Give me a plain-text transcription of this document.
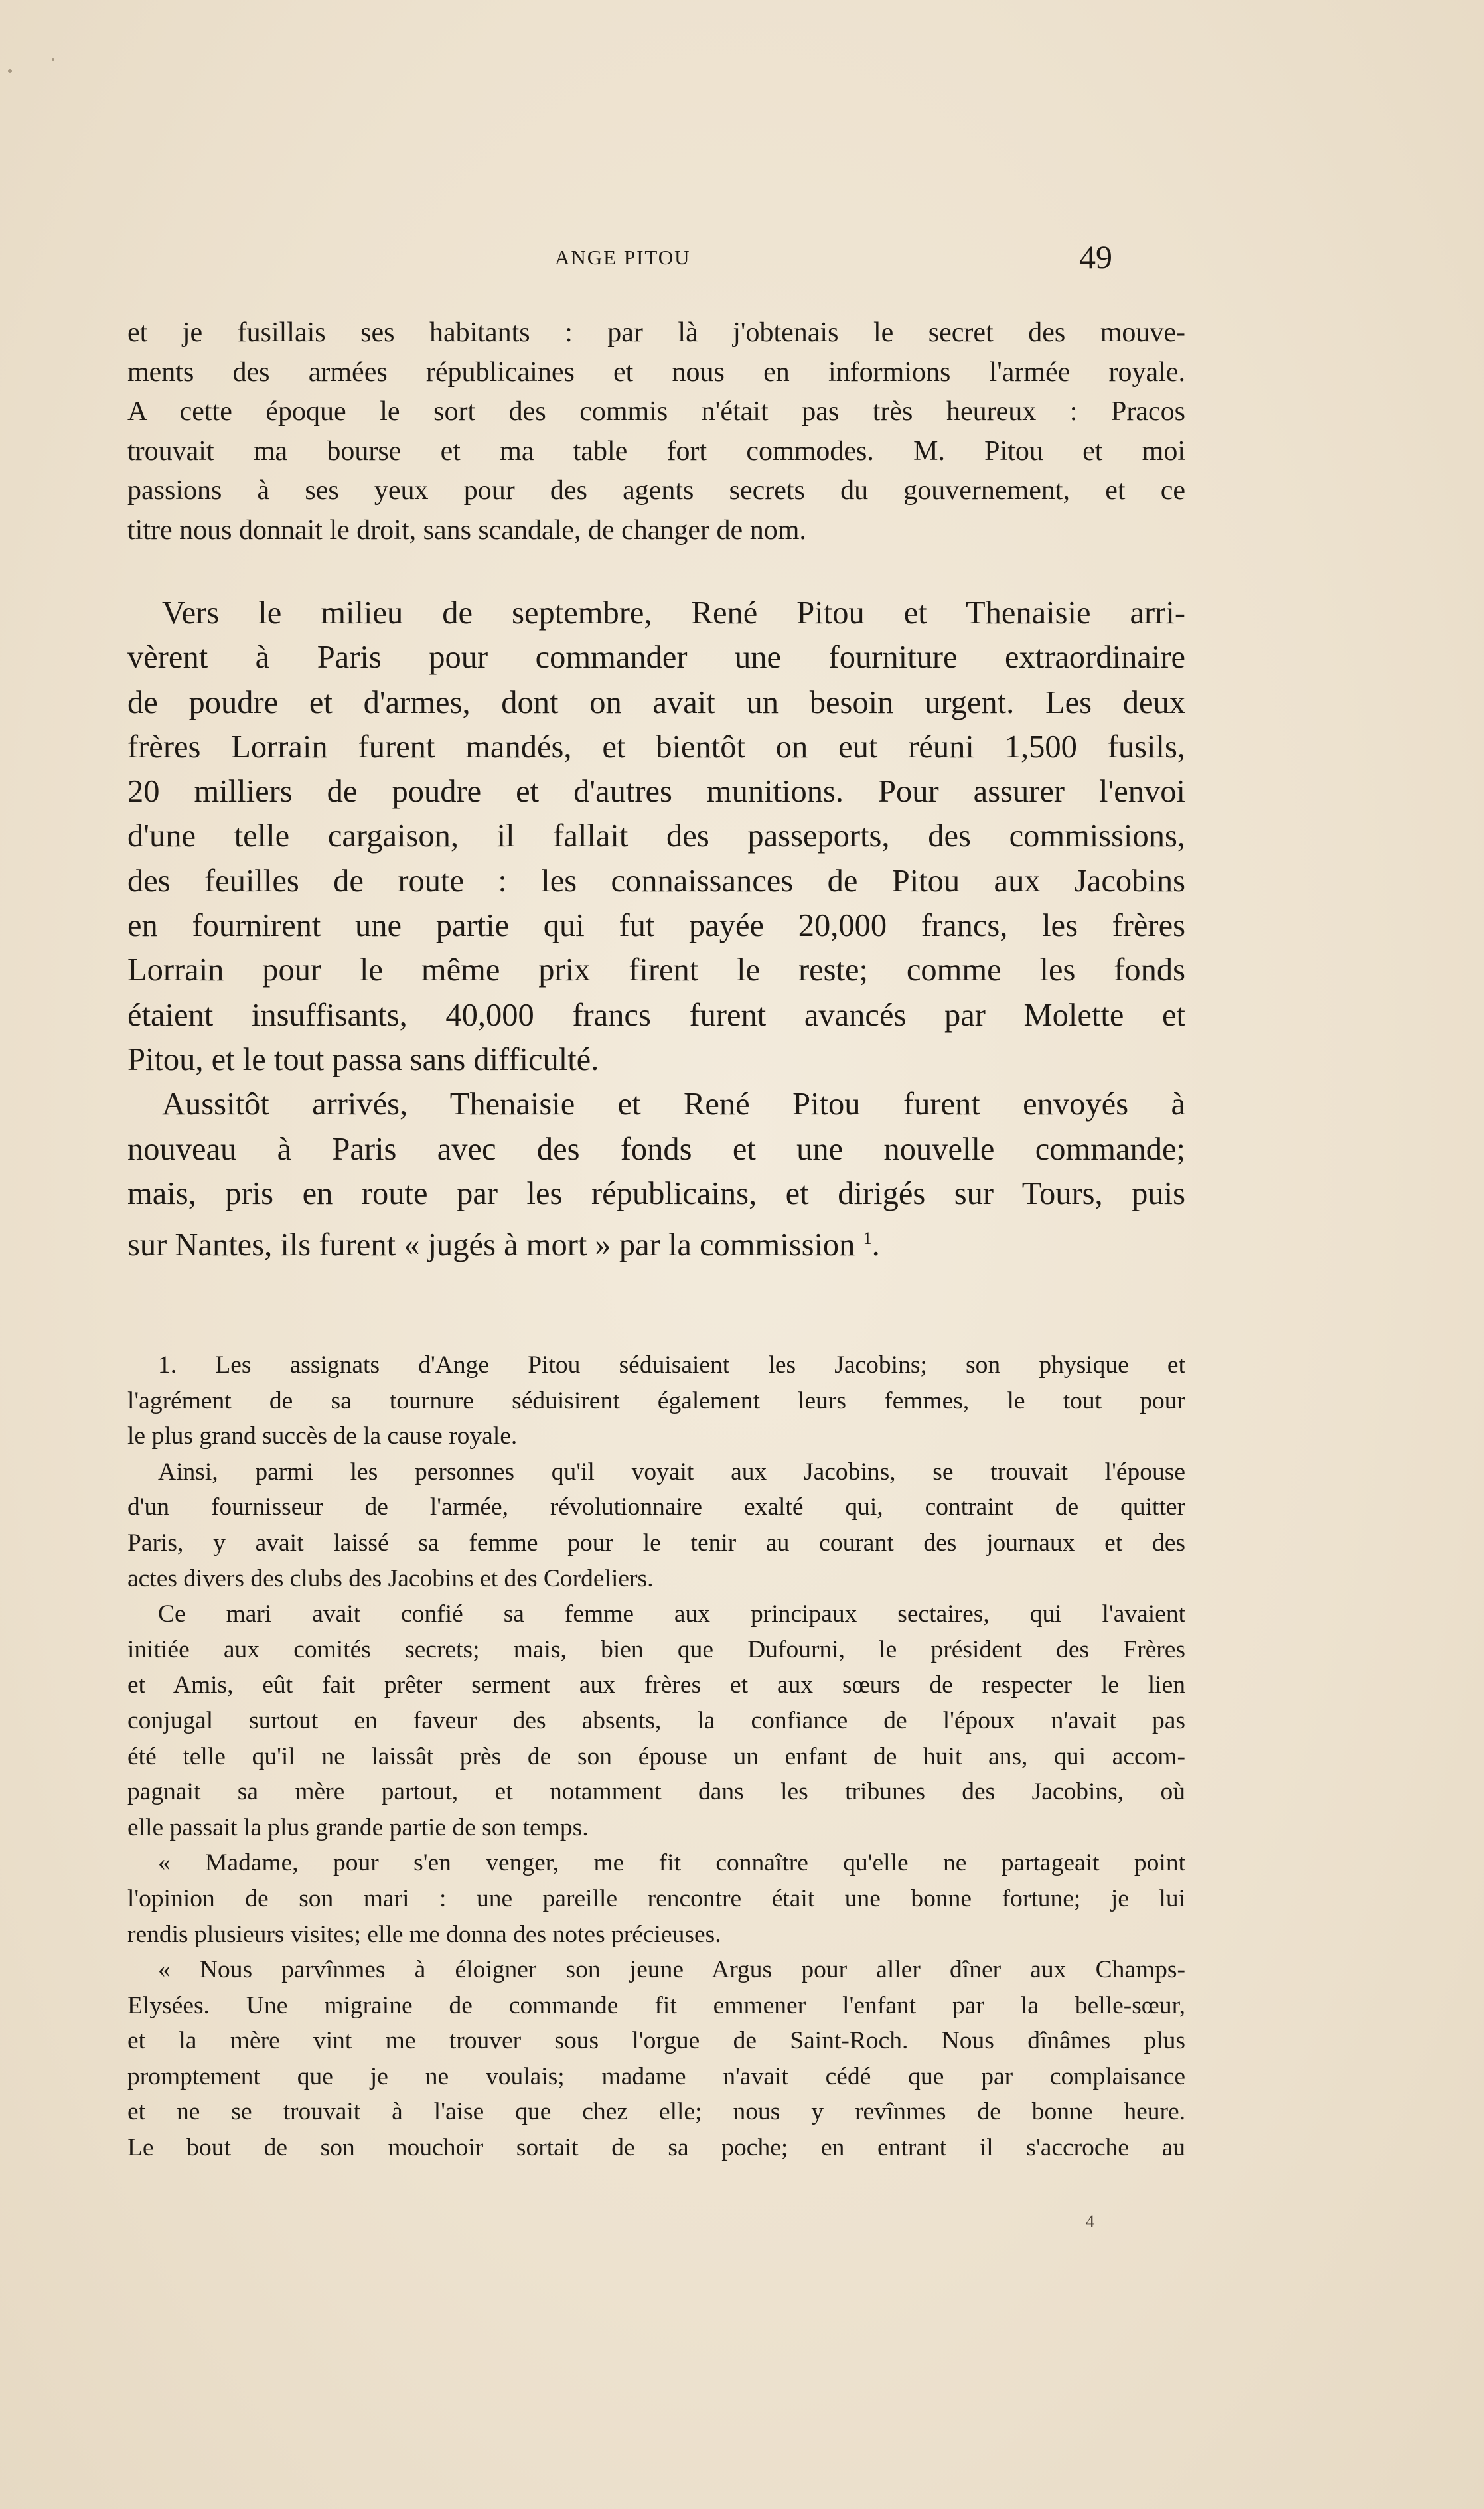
ANGE PITOU	49

et je fusillais ses habitants : par là j'obtenais le secret des mouve-
ments des armées républicaines et nous en informions l'armée royale.
A cette époque le sort des commis n'était pas très heureux : Pracos
trouvait ma bourse et ma table fort commodes. M. Pitou et moi
passions à ses yeux pour des agents secrets du gouvernement, et ce
titre nous donnait le droit, sans scandale, de changer de nom.

Vers le milieu de septembre, René Pitou et Thenaisie arri-
vèrent à Paris pour commander une fourniture extraordinaire
de poudre et d'armes, dont on avait un besoin urgent. Les deux
frères Lorrain furent mandés, et bientôt on eut réuni 1,500 fusils,
20 milliers de poudre et d'autres munitions. Pour assurer l'envoi
d'une telle cargaison, il fallait des passeports, des commissions,
des feuilles de route : les connaissances de Pitou aux Jacobins
en fournirent une partie qui fut payée 20,000 francs, les frères
Lorrain pour le même prix firent le reste; comme les fonds
étaient insuffisants, 40,000 francs furent avancés par Molette et
Pitou, et le tout passa sans difficulté.

Aussitôt arrivés, Thenaisie et René Pitou furent envoyés à
nouveau à Paris avec des fonds et une nouvelle commande;
mais, pris en route par les républicains, et dirigés sur Tours, puis
sur Nantes, ils furent « jugés à mort » par la commission $^1$.

1. Les assignats d'Ange Pitou séduisaient les Jacobins; son physique et
l'agrément de sa tournure séduisirent également leurs femmes, le tout pour
le plus grand succès de la cause royale.

Ainsi, parmi les personnes qu'il voyait aux Jacobins, se trouvait l'épouse
d'un fournisseur de l'armée, révolutionnaire exalté qui, contraint de quitter
Paris, y avait laissé sa femme pour le tenir au courant des journaux et des
actes divers des clubs des Jacobins et des Cordeliers.

Ce mari avait confié sa femme aux principaux sectaires, qui l'avaient
initiée aux comités secrets; mais, bien que Dufourni, le président des Frères
et Amis, eût fait prêter serment aux frères et aux sœurs de respecter le lien
conjugal surtout en faveur des absents, la confiance de l'époux n'avait pas
été telle qu'il ne laissât près de son épouse un enfant de huit ans, qui accom-
pagnait sa mère partout, et notamment dans les tribunes des Jacobins, où
elle passait la plus grande partie de son temps.

« Madame, pour s'en venger, me fit connaître qu'elle ne partageait point
l'opinion de son mari : une pareille rencontre était une bonne fortune; je lui
rendis plusieurs visites; elle me donna des notes précieuses.

« Nous parvînmes à éloigner son jeune Argus pour aller dîner aux Champs-
Elysées. Une migraine de commande fit emmener l'enfant par la belle-sœur,
et la mère vint me trouver sous l'orgue de Saint-Roch. Nous dînâmes plus
promptement que je ne voulais; madame n'avait cédé que par complaisance
et ne se trouvait à l'aise que chez elle; nous y revînmes de bonne heure.
Le bout de son mouchoir sortait de sa poche; en entrant il s'accroche au

4
